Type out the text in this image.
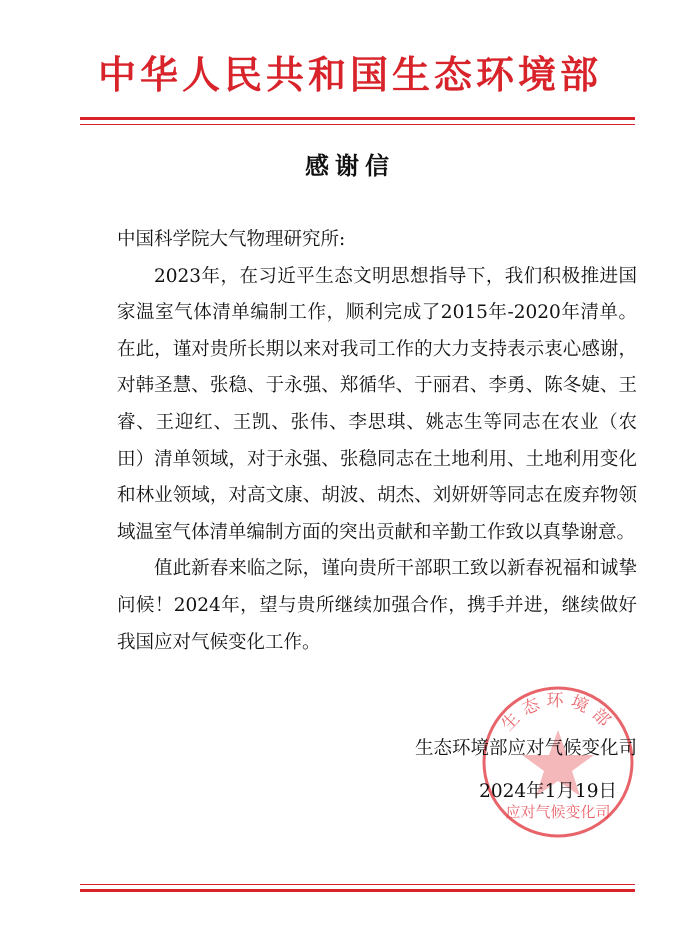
中华人民共和国生态环境部
感谢信

中国科学院大气物理研究所:

2023年，在习近平生态文明思想指导下，我们积极推进国家温室气体清单编制工作，顺利完成了2015年-2020年清单。在此，谨对贵所长期以来对我司工作的大力支持表示衷心感谢，对韩圣慧、张稳、于永强、郑循华、于丽君、李勇、陈冬婕、王睿、王迎红、王凯、张伟、李思琪、姚志生等同志在农业（农田）清单领域，对于永强、张稳同志在土地利用、土地利用变化和林业领域，对高文康、胡波、胡杰、刘妍妍等同志在废弃物领域温室气体清单编制方面的突出贡献和辛勤工作致以真挚谢意。

值此新春来临之际，谨向贵所干部职工致以新春祝福和诚挚问候！2024年，望与贵所继续加强合作，携手并进，继续做好我国应对气候变化工作。

生态环境部
应对气候变化司
生态环境部应对气候变化司
2024年1月19日
